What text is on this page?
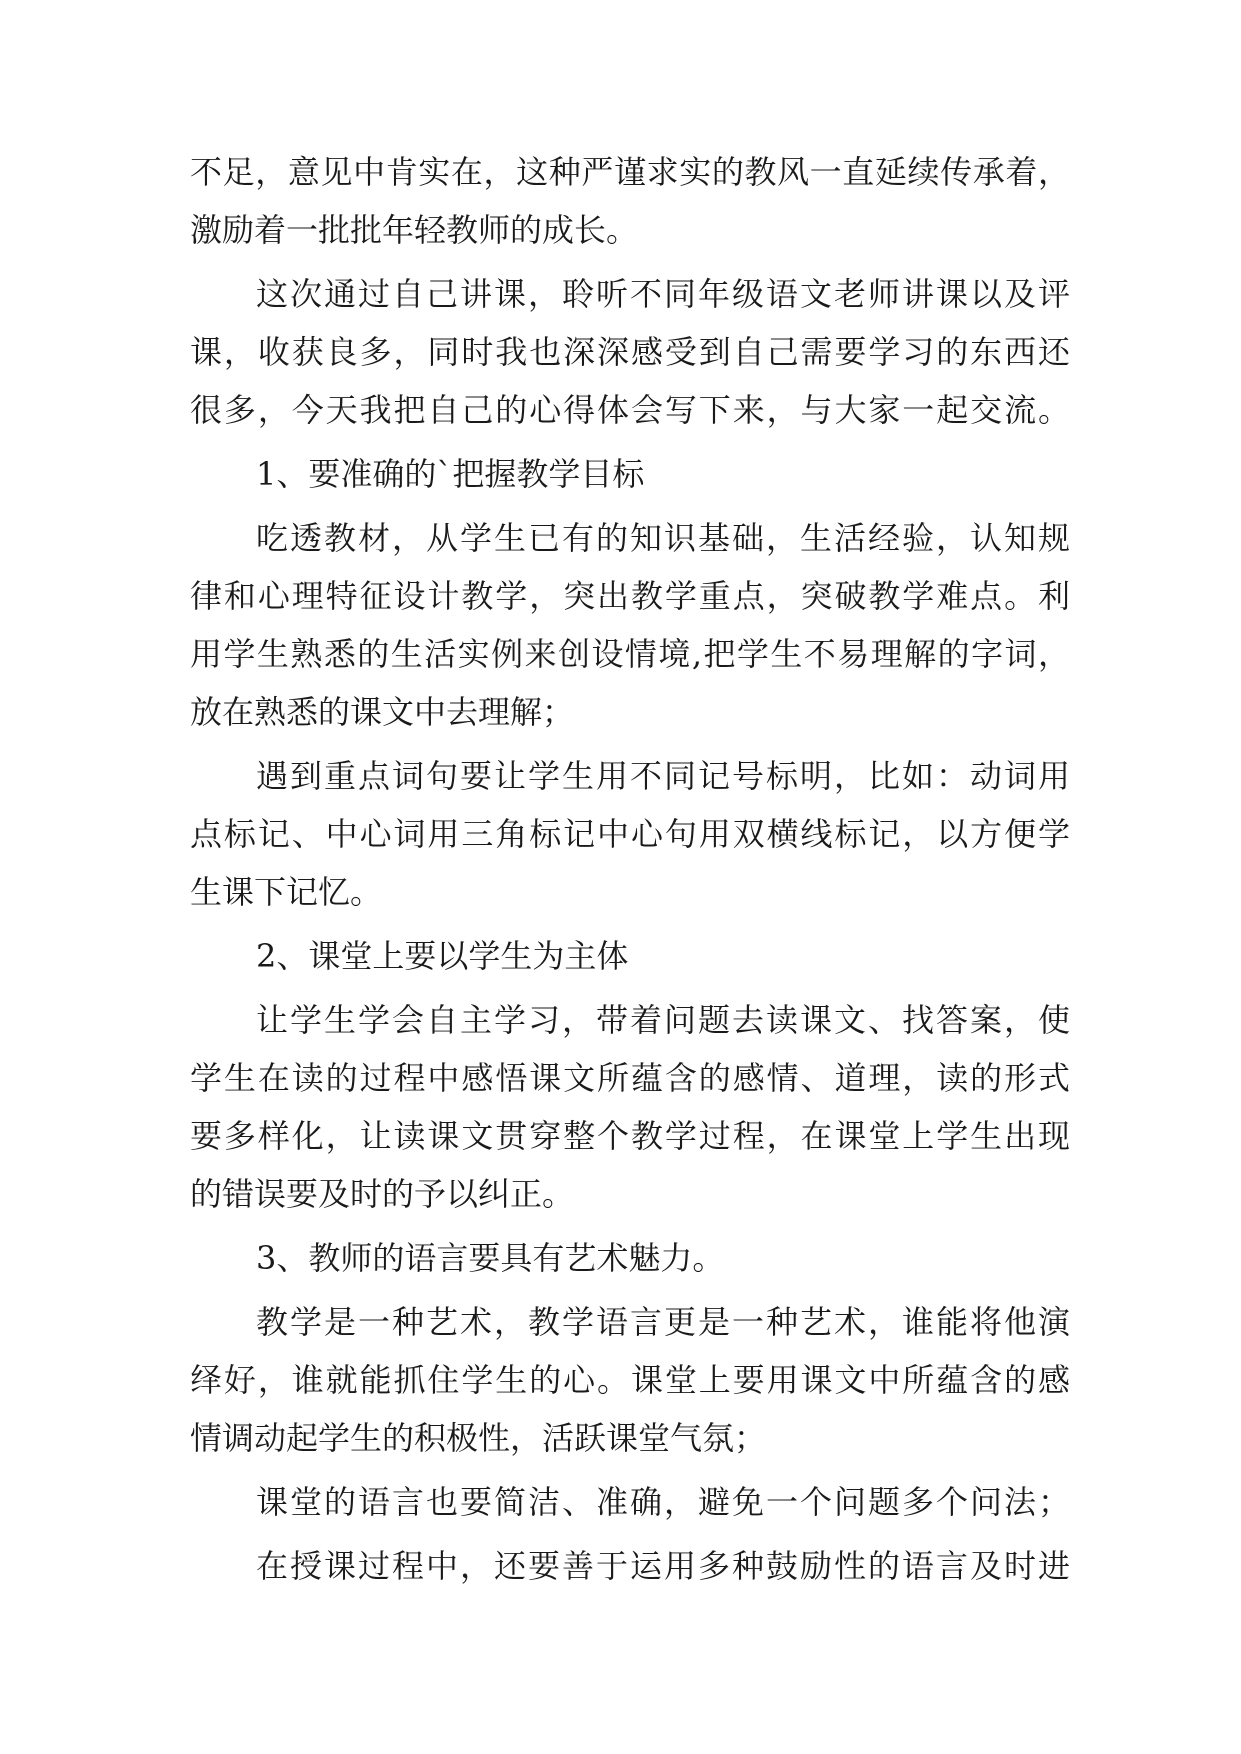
不足，意见中肯实在，这种严谨求实的教风一直延续传承着，

激励着一批批年轻教师的成长。

这次通过自己讲课，聆听不同年级语文老师讲课以及评

课，收获良多，同时我也深深感受到自己需要学习的东西还

很多，今天我把自己的心得体会写下来，与大家一起交流。

1、要准确的`把握教学目标

吃透教材，从学生已有的知识基础，生活经验，认知规

律和心理特征设计教学，突出教学重点，突破教学难点。利

用学生熟悉的生活实例来创设情境,把学生不易理解的字词，

放在熟悉的课文中去理解；

遇到重点词句要让学生用不同记号标明，比如：动词用

点标记、中心词用三角标记中心句用双横线标记，以方便学

生课下记忆。

2、课堂上要以学生为主体

让学生学会自主学习，带着问题去读课文、找答案，使

学生在读的过程中感悟课文所蕴含的感情、道理，读的形式

要多样化，让读课文贯穿整个教学过程，在课堂上学生出现

的错误要及时的予以纠正。

3、教师的语言要具有艺术魅力。

教学是一种艺术，教学语言更是一种艺术，谁能将他演

绎好，谁就能抓住学生的心。课堂上要用课文中所蕴含的感

情调动起学生的积极性，活跃课堂气氛；

课堂的语言也要简洁、准确，避免一个问题多个问法；

在授课过程中，还要善于运用多种鼓励性的语言及时进
